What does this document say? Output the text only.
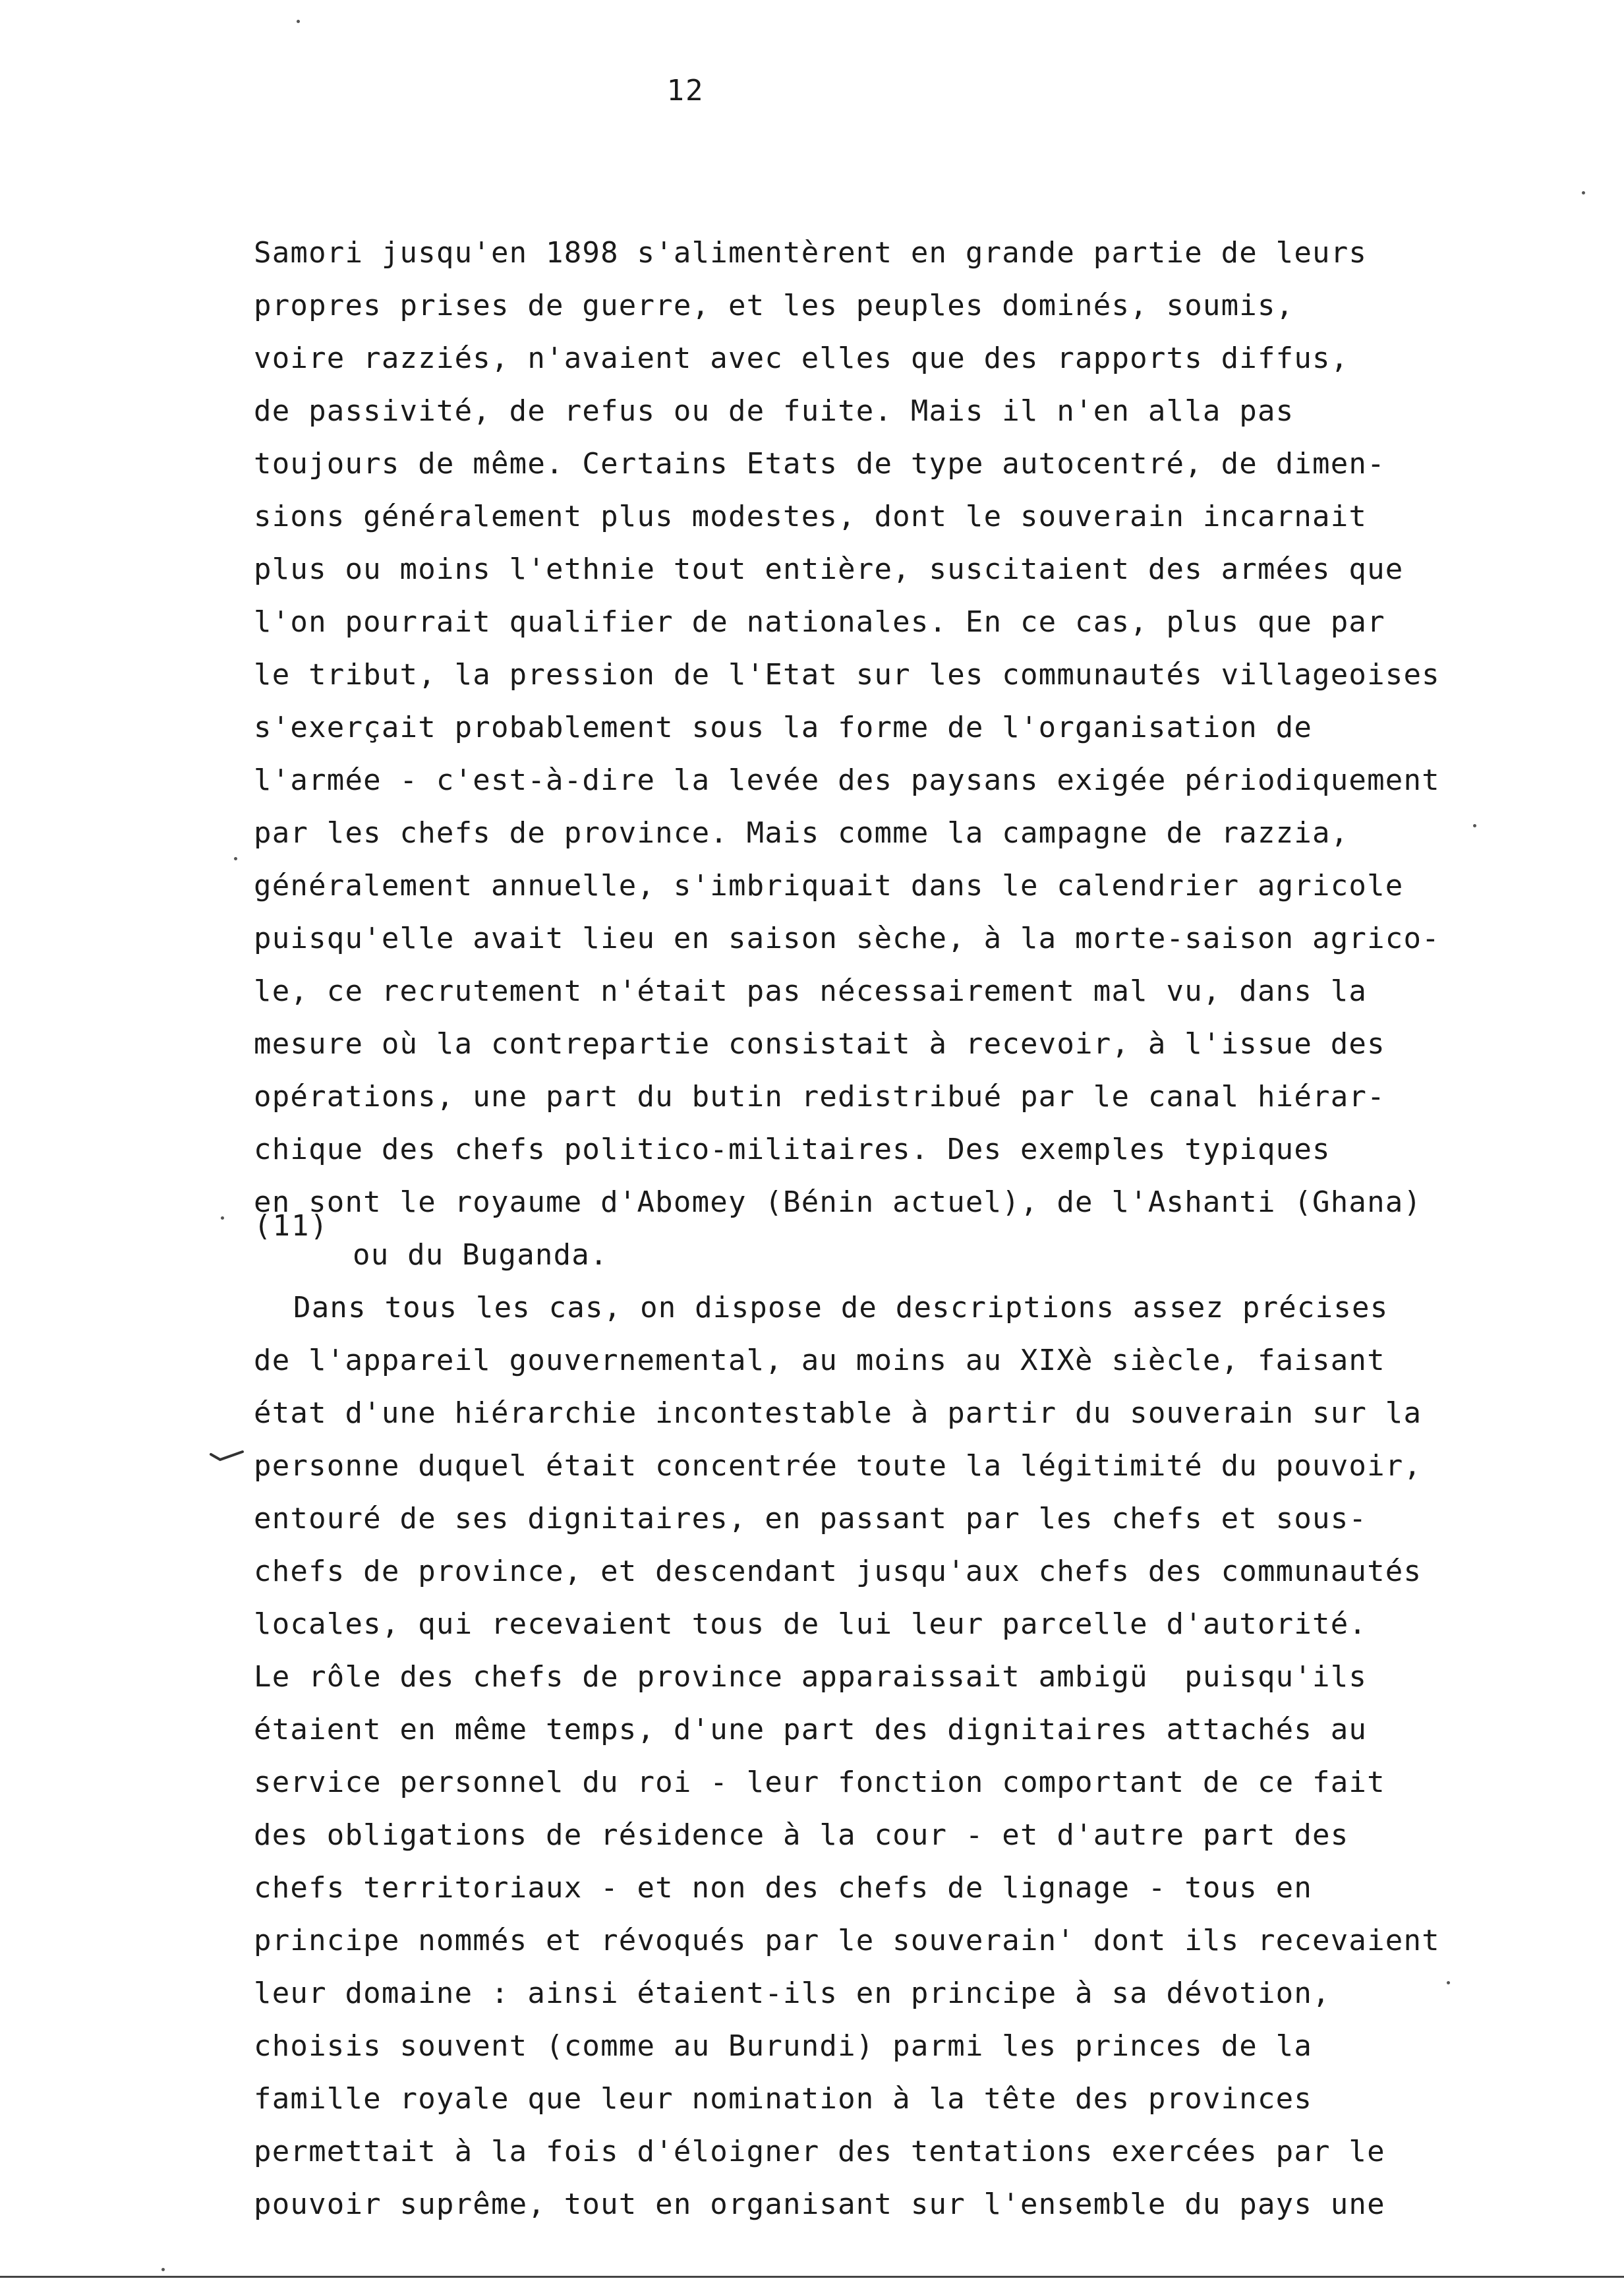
12
Samori jusqu'en 1898 s'alimentèrent en grande partie de leurs
propres prises de guerre, et les peuples dominés, soumis,
voire razziés, n'avaient avec elles que des rapports diffus,
de passivité, de refus ou de fuite. Mais il n'en alla pas
toujours de même. Certains Etats de type autocentré, de dimen-
sions généralement plus modestes, dont le souverain incarnait
plus ou moins l'ethnie tout entière, suscitaient des armées que
l'on pourrait qualifier de nationales. En ce cas, plus que par
le tribut, la pression de l'Etat sur les communautés villageoises
s'exerçait probablement sous la forme de l'organisation de
l'armée - c'est-à-dire la levée des paysans exigée périodiquement
par les chefs de province. Mais comme la campagne de razzia,
généralement annuelle, s'imbriquait dans le calendrier agricole
puisqu'elle avait lieu en saison sèche, à la morte-saison agrico-
le, ce recrutement n'était pas nécessairement mal vu, dans la
mesure où la contrepartie consistait à recevoir, à l'issue des
opérations, une part du butin redistribué par le canal hiérar-
chique des chefs politico-militaires. Des exemples typiques
en sont le royaume d'Abomey (Bénin actuel), de l'Ashanti (Ghana)
(11)
ou du Buganda.
Dans tous les cas, on dispose de descriptions assez précises
de l'appareil gouvernemental, au moins au XIXè siècle, faisant
état d'une hiérarchie incontestable à partir du souverain sur la
personne duquel était concentrée toute la légitimité du pouvoir,
entouré de ses dignitaires, en passant par les chefs et sous-
chefs de province, et descendant jusqu'aux chefs des communautés
locales, qui recevaient tous de lui leur parcelle d'autorité.
Le rôle des chefs de province apparaissait ambigü  puisqu'ils
étaient en même temps, d'une part des dignitaires attachés au
service personnel du roi - leur fonction comportant de ce fait
des obligations de résidence à la cour - et d'autre part des
chefs territoriaux - et non des chefs de lignage - tous en
principe nommés et révoqués par le souverain' dont ils recevaient
leur domaine : ainsi étaient-ils en principe à sa dévotion,
choisis souvent (comme au Burundi) parmi les princes de la
famille royale que leur nomination à la tête des provinces
permettait à la fois d'éloigner des tentations exercées par le
pouvoir suprême, tout en organisant sur l'ensemble du pays une
